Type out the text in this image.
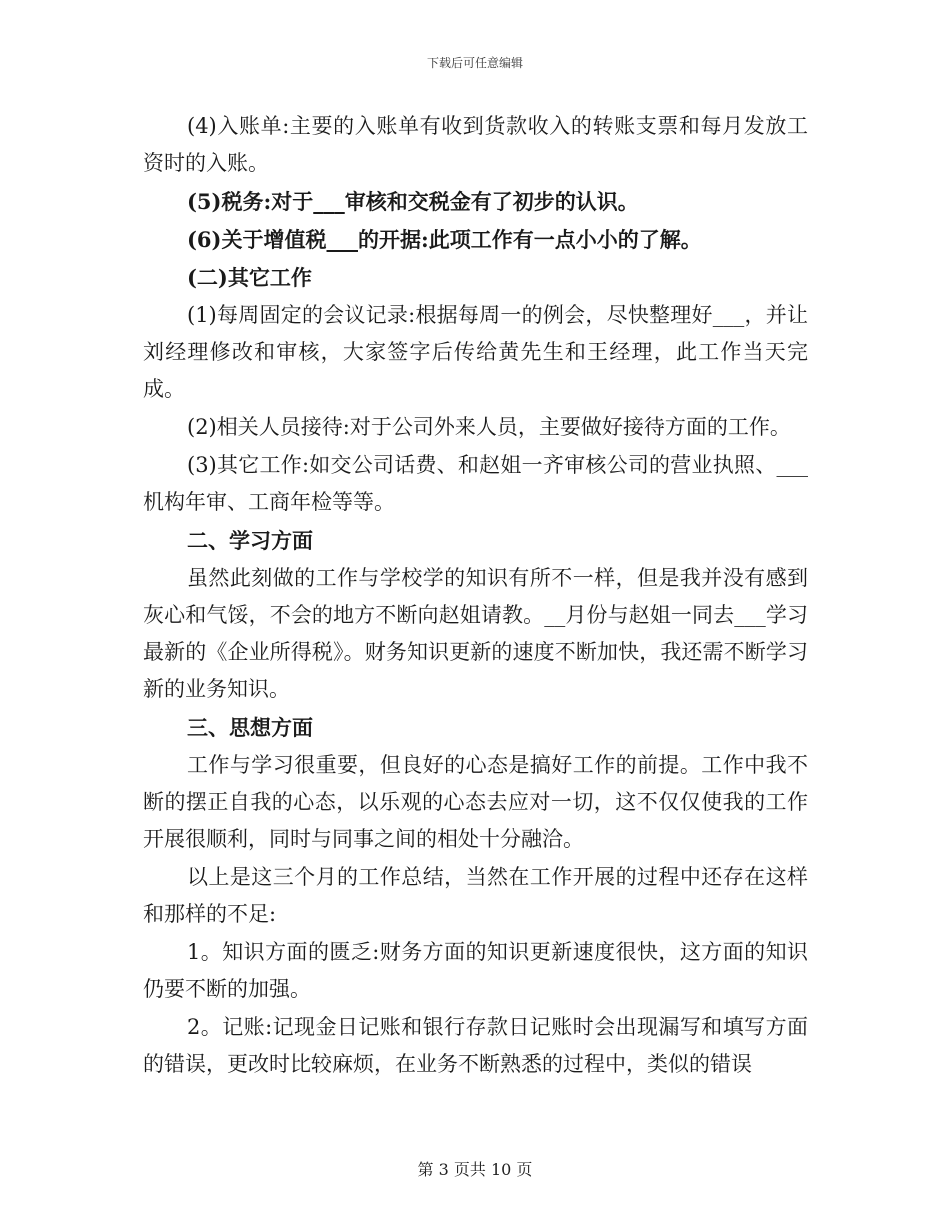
下载后可任意编辑

(4)入账单:主要的入账单有收到货款收入的转账支票和每月发放工资时的入账。

(5)税务:对于___审核和交税金有了初步的认识。

(6)关于增值税___的开据:此项工作有一点小小的了解。

(二)其它工作

(1)每周固定的会议记录:根据每周一的例会，尽快整理好___，并让刘经理修改和审核，大家签字后传给黄先生和王经理，此工作当天完成。

(2)相关人员接待:对于公司外来人员，主要做好接待方面的工作。

(3)其它工作:如交公司话费、和赵姐一齐审核公司的营业执照、___机构年审、工商年检等等。

二、学习方面

虽然此刻做的工作与学校学的知识有所不一样，但是我并没有感到灰心和气馁，不会的地方不断向赵姐请教。__月份与赵姐一同去___学习最新的《企业所得税》。财务知识更新的速度不断加快，我还需不断学习新的业务知识。

三、思想方面

工作与学习很重要，但良好的心态是搞好工作的前提。工作中我不断的摆正自我的心态，以乐观的心态去应对一切，这不仅仅使我的工作开展很顺利，同时与同事之间的相处十分融洽。

以上是这三个月的工作总结，当然在工作开展的过程中还存在这样和那样的不足:

1。知识方面的匮乏:财务方面的知识更新速度很快，这方面的知识仍要不断的加强。

2。记账:记现金日记账和银行存款日记账时会出现漏写和填写方面的错误，更改时比较麻烦，在业务不断熟悉的过程中，类似的错误

第 3 页共 10 页
